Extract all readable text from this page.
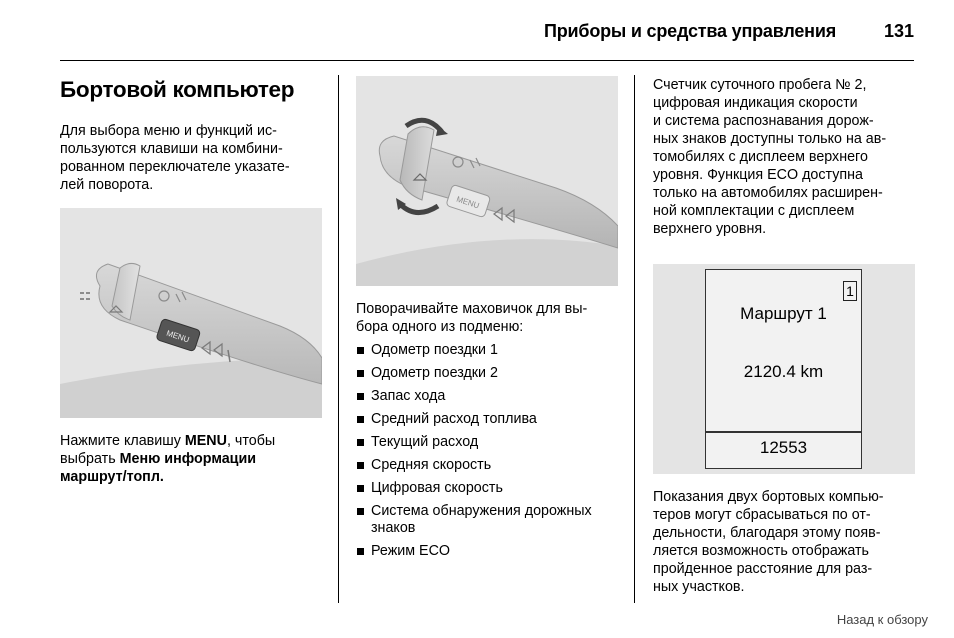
Приборы и средства управления	131
Бортовой компьютер
Для выбора меню и функций ис-
пользуются клавиши на комбини-
рованном переключателе указате-
лей поворота.
MENU
Нажмите клавишу MENU, чтобы
выбрать Меню информации
маршрут/топл.
MENU
Поворачивайте маховичок для вы-
бора одного из подменю:
Одометр поездки 1
Одометр поездки 2
Запас хода
Средний расход топлива
Текущий расход
Средняя скорость
Цифровая скорость
Система обнаружения дорожных
знаков
Режим ECO
Счетчик суточного пробега № 2,
цифровая индикация скорости
и система распознавания дорож-
ных знаков доступны только на ав-
томобилях с дисплеем верхнего
уровня. Функция ECO доступна
только на автомобилях расширен-
ной комплектации с дисплеем
верхнего уровня.
1
Маршрут 1
2120.4 km
12553
Показания двух бортовых компью-
теров могут сбрасываться по от-
дельности, благодаря этому появ-
ляется возможность отображать
пройденное расстояние для раз-
ных участков.
Назад к обзору
